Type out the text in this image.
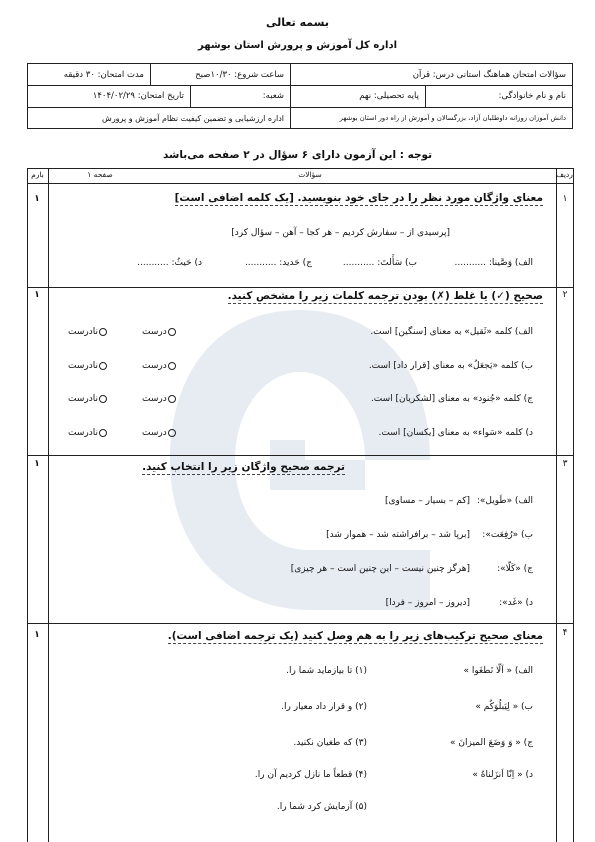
بسمه تعالی
اداره کل آموزش و پرورش استان بوشهر
سؤالات امتحان هماهنگ استانی درس: قرآن
ساعت شروع: ۱۰/۳۰صبح
مدت امتحان: ۳۰ دقیقه
نام و نام خانوادگی:
پایه تحصیلی: نهم
شعبه:
تاریخ امتحان: ۱۴۰۴/۰۲/۲۹
دانش آموزان روزانه داوطلبان آزاد، بزرگسالان و آموزش از راه دور استان بوشهر
اداره ارزشیابی و تضمین کیفیت نظام آموزش و پرورش
توجه : این آزمون دارای ۶ سؤال در ۲ صفحه می‌باشد
ردیف
سؤالات
صفحه ۱
بارم
۱
۱	معنای واژگان مورد نظر را در جای خود بنویسید. [یک کلمه اضافی است]
[پرسیدی از – سفارش کردیم – هر کجا – آهن – سؤال کرد]
الف) وَصَّینا: ...........
ب) سَأَلتَ: ...........
ج) حَدید: ...........
د) حَیثُ: ...........
۲
۱	صحیح (✓) یا غلط (✗) بودن ترجمه کلمات زیر را مشخص کنید.
الف) کلمه «ثَقیل» به معنای [سنگین] است.
درست
نادرست
ب) کلمه «یَجعَلُ» به معنای [قرار داد] است.
درست
نادرست
ج) کلمه «جُنود» به معنای [لشکریان] است.
درست
نادرست
د) کلمه «سَواء» به معنای [یکسان] است.
درست
نادرست
۳
۱	ترجمه صحیح واژگان زیر را انتخاب کنید.
الف) «طَویل»:
[کم – بسیار – مساوی]
ب) «رُفِعَت»:
[برپا شد – برافراشته شد – هموار شد]
ج) «کَلّا»:
[هرگز چنین نیست – این چنین است – هر چیزی]
د) «غَد»:
[دیروز – امروز – فردا]
۴
۱	معنای صحیح ترکیب‌های زیر را به هم وصل کنید (یک ترجمه اضافی است).
الف) « اَلّا تَطغَوا »
ب) « لِیَبلُوَکُم »
ج) « وَ وَضَعَ المیزانَ »
د) « اِنّا اَنزَلناهُ »
(۱) تا بیازماید شما را.
(۲) و قرار داد معیار را.
(۳) که طغیان نکنید.
(۴) قطعاً ما نازل کردیم آن را.
(۵) آزمایش کرد شما را.
